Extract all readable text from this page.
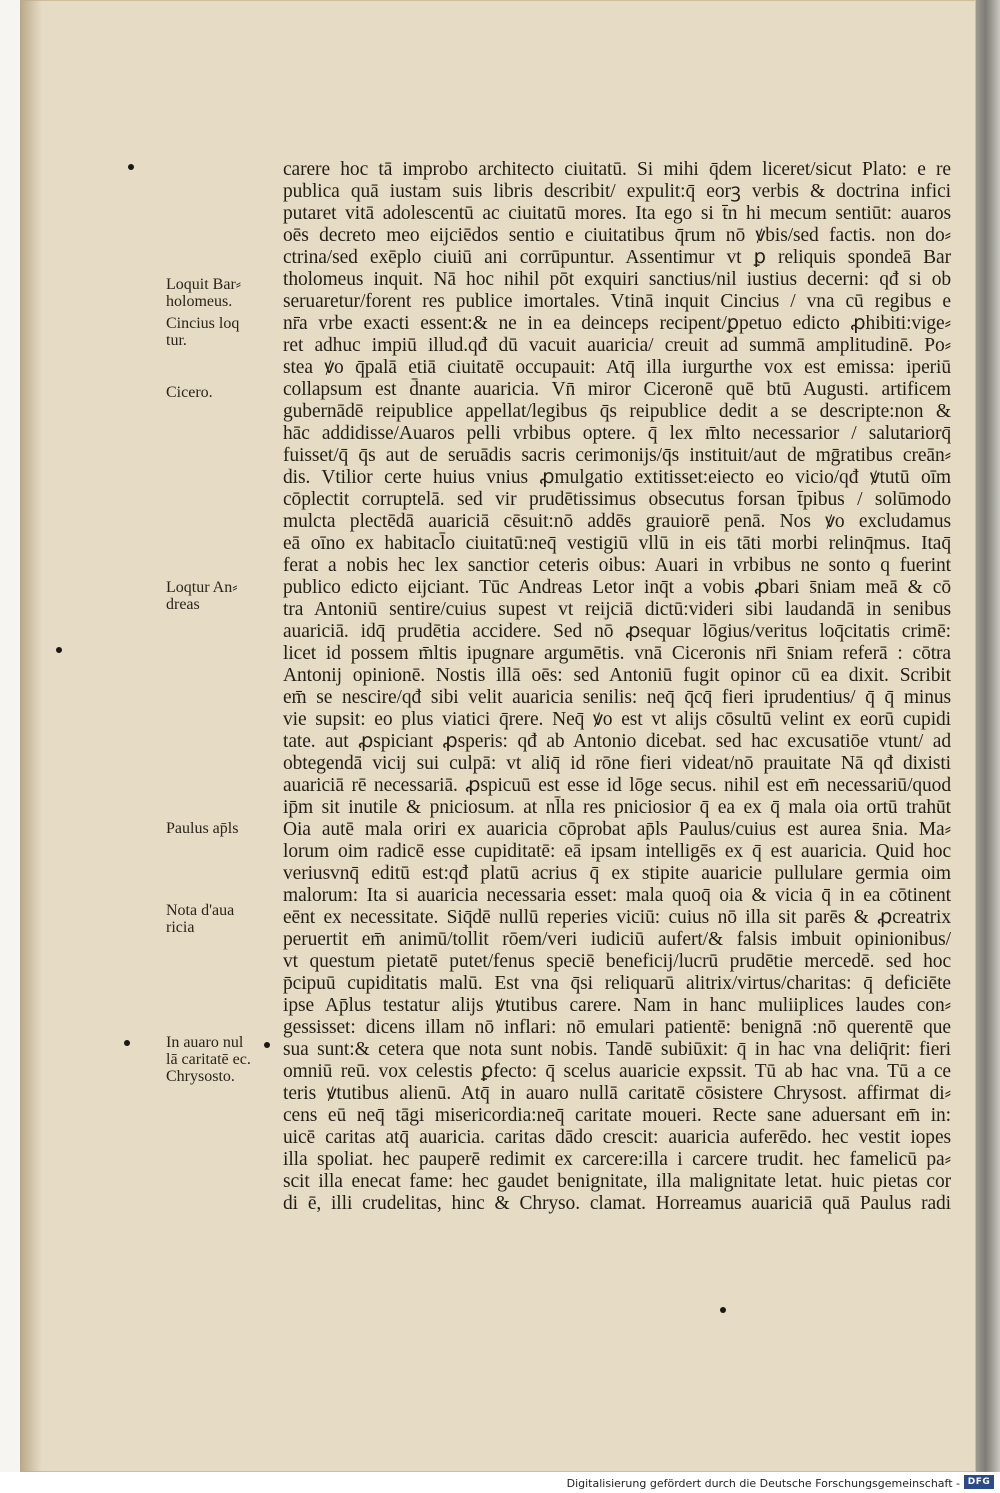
carere hoc tā improbo architecto ciuitatū. Si mihi q̄dem liceret/sicut Plato: e re
publica quā iustam suis libris describit/ expulit:q̄ eorꝫ verbis & doctrina infici
putaret vitā adolescentū ac ciuitatū mores. Ita ego si t̄n hi mecum sentiūt: auaros
oēs decreto meo eijciēdos sentio e ciuitatibus q̄rum nō ꝟbis/sed factis. non do⸗
ctrina/sed exēplo ciuiū ani corrūpuntur. Assentimur vt ꝑ reliquis spondeā Bar
tholomeus inquit. Nā hoc nihil pōt exquiri sanctius/nil iustius decerni: qđ si ob
seruaretur/forent res publice imortales. Vtinā inquit Cincius / vna cū regibus e
nr̄a vrbe exacti essent:& ne in ea deinceps recipent/ꝑpetuo edicto ꝓhibiti:vige⸗
ret adhuc impiū illud.qđ dū vacuit auaricia/ creuit ad summā amplitudinē. Po⸗
stea ꝟo q̄palā etiā ciuitatē occupauit: Atq̄ illa iurgurthe vox est emissa: iperiū
collapsum est d̄nante auaricia. Vn̄ miror Ciceronē quē btū Augusti. artificem
gubernādē reipublice appellat/legibus q̄s reipublice dedit a se descripte:non &
hāc addidisse/Auaros pelli vrbibus optere. q̄ lex m̄lto necessarior / salutariorq̄
fuisset/q̄ q̄s aut de seruādis sacris cerimonijs/q̄s instituit/aut de mḡratibus creān⸗
dis. Vtilior certe huius vnius ꝓmulgatio extitisset:eiecto eo vicio/qđ ꝟtutū oīm
cōplectit corruptelā. sed vir prudētissimus obsecutus forsan t̄pibus / solūmodo
mulcta plectēdā auariciā cēsuit:nō addēs grauiorē penā. Nos ꝟo excludamus
eā oīno ex habitacl̄o ciuitatū:neq̄ vestigiū vllū in eis tāti morbi relinq̄mus. Itaq̄
ferat a nobis hec lex sanctior ceteris oibus: Auari in vrbibus ne sonto q fuerint
publico edicto eijciant. Tūc Andreas Letor inq̄t a vobis ꝓbari s̄niam meā & cō
tra Antoniū sentire/cuius supest vt reijciā dictū:videri sibi laudandā in senibus
auariciā. idq̄ prudētia accidere. Sed nō ꝓsequar lōgius/veritus loq̄citatis crimē:
licet id possem m̄ltis ipugnare argumētis. vnā Ciceronis nr̄i s̄niam referā : cōtra
Antonij opinionē. Nostis illā oēs: sed Antoniū fugit opinor cū ea dixit. Scribit
em̄ se nescire/qđ sibi velit auaricia senilis: neq̄ q̄cq̄ fieri iprudentius/ q̄ q̄ minus
vie supsit: eo plus viatici q̄rere. Neq̄ ꝟo est vt alijs cōsultū velint ex eorū cupidi
tate. aut ꝓspiciant ꝓsperis: qđ ab Antonio dicebat. sed hac excusatiōe vtunt/ ad
obtegendā vicij sui culpā: vt aliq̄ id rōne fieri videat/nō prauitate Nā qđ dixisti
auariciā rē necessariā. ꝓspicuū est esse id lōge secus. nihil est em̄ necessariū/quod
ip̄m sit inutile & pniciosum. at nl̄la res pniciosior q̄ ea ex q̄ mala oia ortū trahūt
Oia autē mala oriri ex auaricia cōprobat ap̄ls Paulus/cuius est aurea s̄nia. Ma⸗
lorum oim radicē esse cupiditatē: eā ipsam intelligēs ex q̄ est auaricia. Quid hoc
veriusvnq̄ editū est:qđ platū acrius q̄ ex stipite auaricie pullulare germia oim
malorum: Ita si auaricia necessaria esset: mala quoq̄ oia & vicia q̄ in ea cōtinent
eēnt ex necessitate. Siq̄dē nullū reperies viciū: cuius nō illa sit parēs & ꝓcreatrix
peruertit em̄ animū/tollit rōem/veri iudiciū aufert/& falsis imbuit opinionibus/
vt questum pietatē putet/fenus speciē beneficij/lucrū prudētie mercedē. sed hoc
p̄cipuū cupiditatis malū. Est vna q̄si reliquarū alitrix/virtus/charitas: q̄ deficiēte
ipse Ap̄lus testatur alijs ꝟtutibus carere. Nam in hanc muliiplices laudes con⸗
gessisset: dicens illam nō inflari: nō emulari patientē: benignā :nō querentē que
sua sunt:& cetera que nota sunt nobis. Tandē subiūxit: q̄ in hac vna deliq̄rit: fieri
omniū reū. vox celestis ꝑfecto: q̄ scelus auaricie expssit. Tū ab hac vna. Tū a ce
teris ꝟtutibus alienū. Atq̄ in auaro nullā caritatē cōsistere Chrysost. affirmat di⸗
cens eū neq̄ tāgi misericordia:neq̄ caritate moueri. Recte sane aduersant em̄ in:
uicē caritas atq̄ auaricia. caritas dādo crescit: auaricia auferēdo. hec vestit iopes
illa spoliat. hec pauperē redimit ex carcere:illa i carcere trudit. hec famelicū pa⸗
scit illa enecat fame: hec gaudet benignitate, illa malignitate letat. huic pietas cor
di ē, illi crudelitas, hinc & Chryso. clamat. Horreamus auariciā quā Paulus radi
Loquit Bar⸗
holomeus.
Cincius loq
tur.
Cicero.
Loqtur An⸗
dreas
Paulus ap̄ls
Nota d'aua
ricia
In auaro nul
lā caritatē ec.
Chrysosto.
Digitalisierung gefördert durch die Deutsche Forschungsgemeinschaft - DFG
